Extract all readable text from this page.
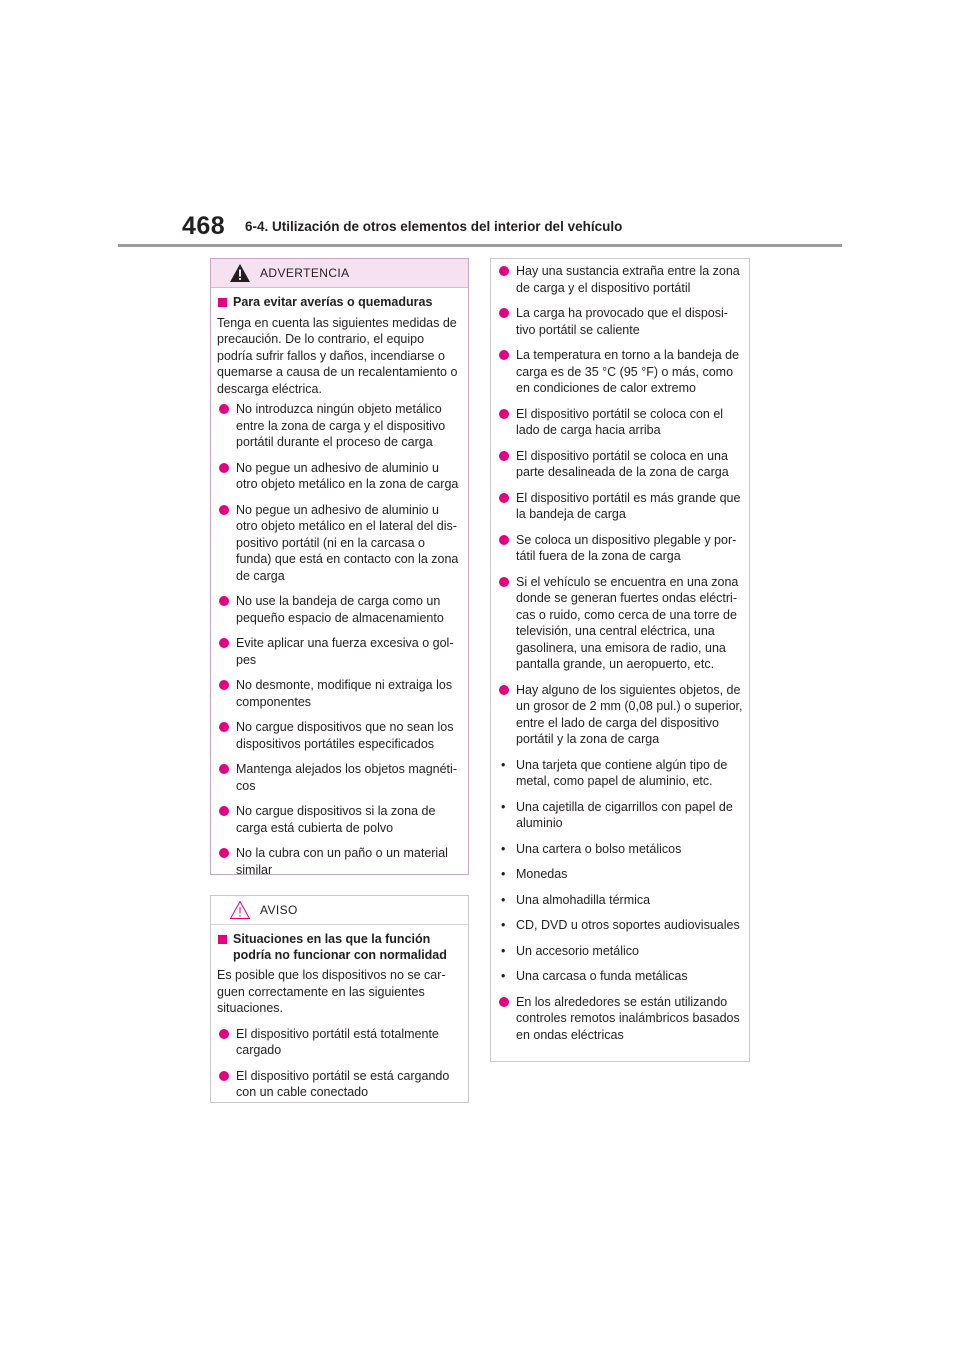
468 6-4. Utilización de otros elementos del interior del vehículo
ADVERTENCIA
Para evitar averías o quemaduras
Tenga en cuenta las siguientes medidas de precaución. De lo contrario, el equipo podría sufrir fallos y daños, incendiarse o quemarse a causa de un recalentamiento o descarga eléctrica.
No introduzca ningún objeto metálico entre la zona de carga y el dispositivo portátil durante el proceso de carga
No pegue un adhesivo de aluminio u otro objeto metálico en la zona de carga
No pegue un adhesivo de aluminio u otro objeto metálico en el lateral del dispositivo portátil (ni en la carcasa o funda) que está en contacto con la zona de carga
No use la bandeja de carga como un pequeño espacio de almacenamiento
Evite aplicar una fuerza excesiva o golpes
No desmonte, modifique ni extraiga los componentes
No cargue dispositivos que no sean los dispositivos portátiles especificados
Mantenga alejados los objetos magnéticos
No cargue dispositivos si la zona de carga está cubierta de polvo
No la cubra con un paño o un material similar
AVISO
Situaciones en las que la función podría no funcionar con normalidad
Es posible que los dispositivos no se carguen correctamente en las siguientes situaciones.
El dispositivo portátil está totalmente cargado
El dispositivo portátil se está cargando con un cable conectado
Hay una sustancia extraña entre la zona de carga y el dispositivo portátil
La carga ha provocado que el dispositivo portátil se caliente
La temperatura en torno a la bandeja de carga es de 35 °C (95 °F) o más, como en condiciones de calor extremo
El dispositivo portátil se coloca con el lado de carga hacia arriba
El dispositivo portátil se coloca en una parte desalineada de la zona de carga
El dispositivo portátil es más grande que la bandeja de carga
Se coloca un dispositivo plegable y portátil fuera de la zona de carga
Si el vehículo se encuentra en una zona donde se generan fuertes ondas eléctricas o ruido, como cerca de una torre de televisión, una central eléctrica, una gasolinera, una emisora de radio, una pantalla grande, un aeropuerto, etc.
Hay alguno de los siguientes objetos, de un grosor de 2 mm (0,08 pul.) o superior, entre el lado de carga del dispositivo portátil y la zona de carga
• Una tarjeta que contiene algún tipo de metal, como papel de aluminio, etc.
• Una cajetilla de cigarrillos con papel de aluminio
• Una cartera o bolso metálicos
• Monedas
• Una almohadilla térmica
• CD, DVD u otros soportes audiovisuales
• Un accesorio metálico
• Una carcasa o funda metálicas
En los alrededores se están utilizando controles remotos inalámbricos basados en ondas eléctricas
